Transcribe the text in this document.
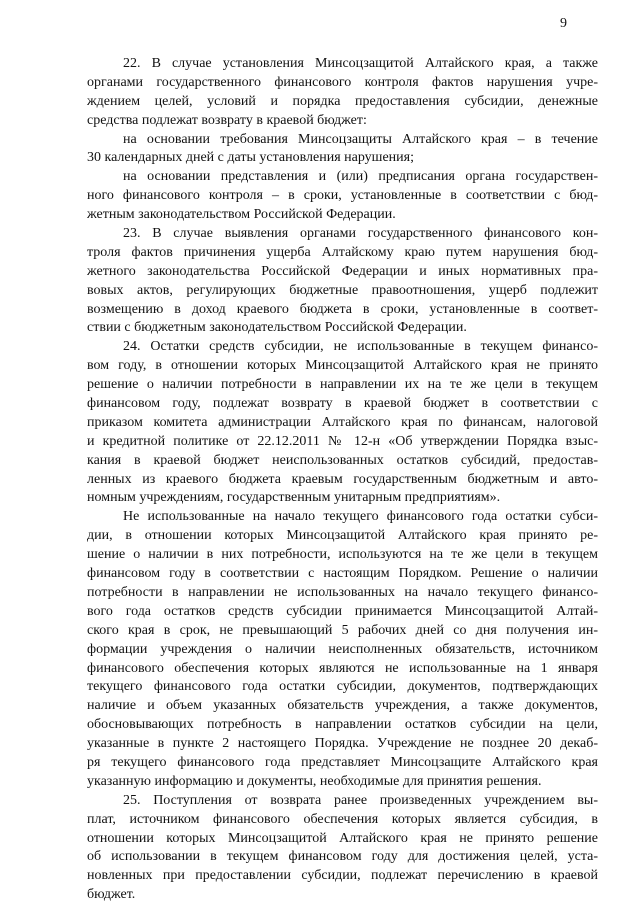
9
22. В случае установления Минсоцзащитой Алтайского края, а также
органами государственного финансового контроля фактов нарушения учре-
ждением целей, условий и порядка предоставления субсидии, денежные
средства подлежат возврату в краевой бюджет:
на основании требования Минсоцзащиты Алтайского края – в течение
30 календарных дней с даты установления нарушения;
на основании представления и (или) предписания органа государствен-
ного финансового контроля – в сроки, установленные в соответствии с бюд-
жетным законодательством Российской Федерации.
23. В случае выявления органами государственного финансового кон-
троля фактов причинения ущерба Алтайскому краю путем нарушения бюд-
жетного законодательства Российской Федерации и иных нормативных пра-
вовых актов, регулирующих бюджетные правоотношения, ущерб подлежит
возмещению в доход краевого бюджета в сроки, установленные в соответ-
ствии с бюджетным законодательством Российской Федерации.
24. Остатки средств субсидии, не использованные в текущем финансо-
вом году, в отношении которых Минсоцзащитой Алтайского края не принято
решение о наличии потребности в направлении их на те же цели в текущем
финансовом году, подлежат возврату в краевой бюджет в соответствии с
приказом комитета администрации Алтайского края по финансам, налоговой
и кредитной политике от 22.12.2011 № 12-н «Об утверждении Порядка взыс-
кания в краевой бюджет неиспользованных остатков субсидий, предостав-
ленных из краевого бюджета краевым государственным бюджетным и авто-
номным учреждениям, государственным унитарным предприятиям».
Не использованные на начало текущего финансового года остатки субси-
дии, в отношении которых Минсоцзащитой Алтайского края принято ре-
шение о наличии в них потребности, используются на те же цели в текущем
финансовом году в соответствии с настоящим Порядком. Решение о наличии
потребности в направлении не использованных на начало текущего финансо-
вого года остатков средств субсидии принимается Минсоцзащитой Алтай-
ского края в срок, не превышающий 5 рабочих дней со дня получения ин-
формации учреждения о наличии неисполненных обязательств, источником
финансового обеспечения которых являются не использованные на 1 января
текущего финансового года остатки субсидии, документов, подтверждающих
наличие и объем указанных обязательств учреждения, а также документов,
обосновывающих потребность в направлении остатков субсидии на цели,
указанные в пункте 2 настоящего Порядка. Учреждение не позднее 20 декаб-
ря текущего финансового года представляет Минсоцзащите Алтайского края
указанную информацию и документы, необходимые для принятия решения.
25. Поступления от возврата ранее произведенных учреждением вы-
плат, источником финансового обеспечения которых является субсидия, в
отношении которых Минсоцзащитой Алтайского края не принято решение
об использовании в текущем финансовом году для достижения целей, уста-
новленных при предоставлении субсидии, подлежат перечислению в краевой
бюджет.
